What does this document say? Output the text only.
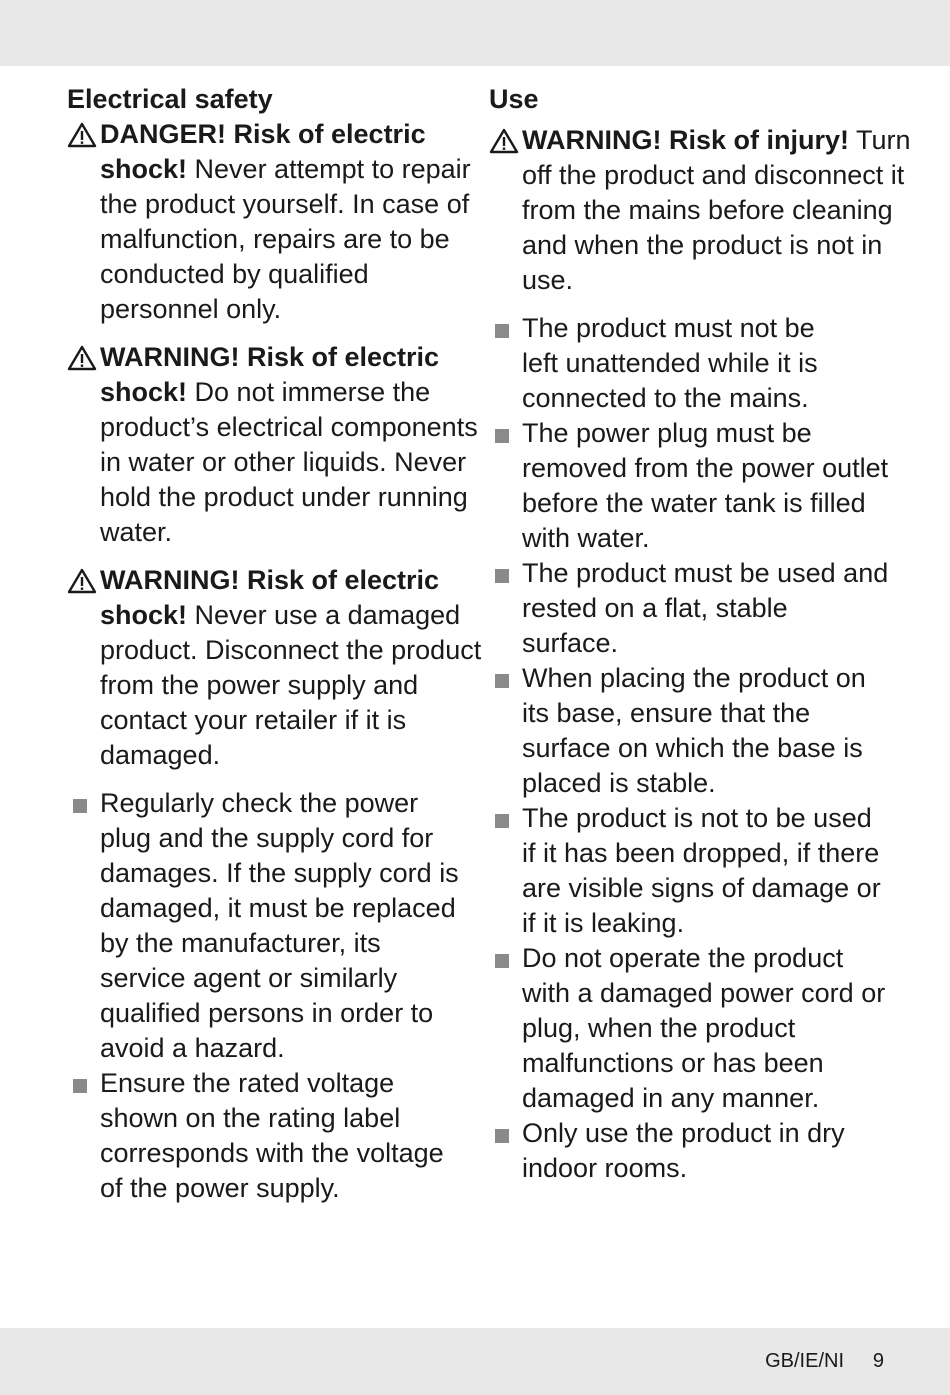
Electrical safety

DANGER! Risk of electric shock! Never attempt to repair the product yourself. In case of malfunction, repairs are to be conducted by qualified personnel only.

WARNING! Risk of electric shock! Do not immerse the product’s electrical components in water or other liquids. Never hold the product under running water.

WARNING! Risk of electric shock! Never use a damaged product. Disconnect the product from the power supply and contact your retailer if it is damaged.

Regularly check the power plug and the supply cord for damages. If the supply cord is damaged, it must be replaced by the manufacturer, its service agent or similarly qualified persons in order to avoid a hazard.
Ensure the rated voltage shown on the rating label corresponds with the voltage of the power supply.

Use

WARNING! Risk of injury! Turn off the product and disconnect it from the mains before cleaning and when the product is not in use.

The product must not be left unattended while it is connected to the mains.
The power plug must be removed from the power outlet before the water tank is filled with water.
The product must be used and rested on a flat, stable surface.
When placing the product on its base, ensure that the surface on which the base is placed is stable.
The product is not to be used if it has been dropped, if there are visible signs of damage or if it is leaking.
Do not operate the product with a damaged power cord or plug, when the product malfunctions or has been damaged in any manner.
Only use the product in dry indoor rooms.
GB/IE/NI 9
